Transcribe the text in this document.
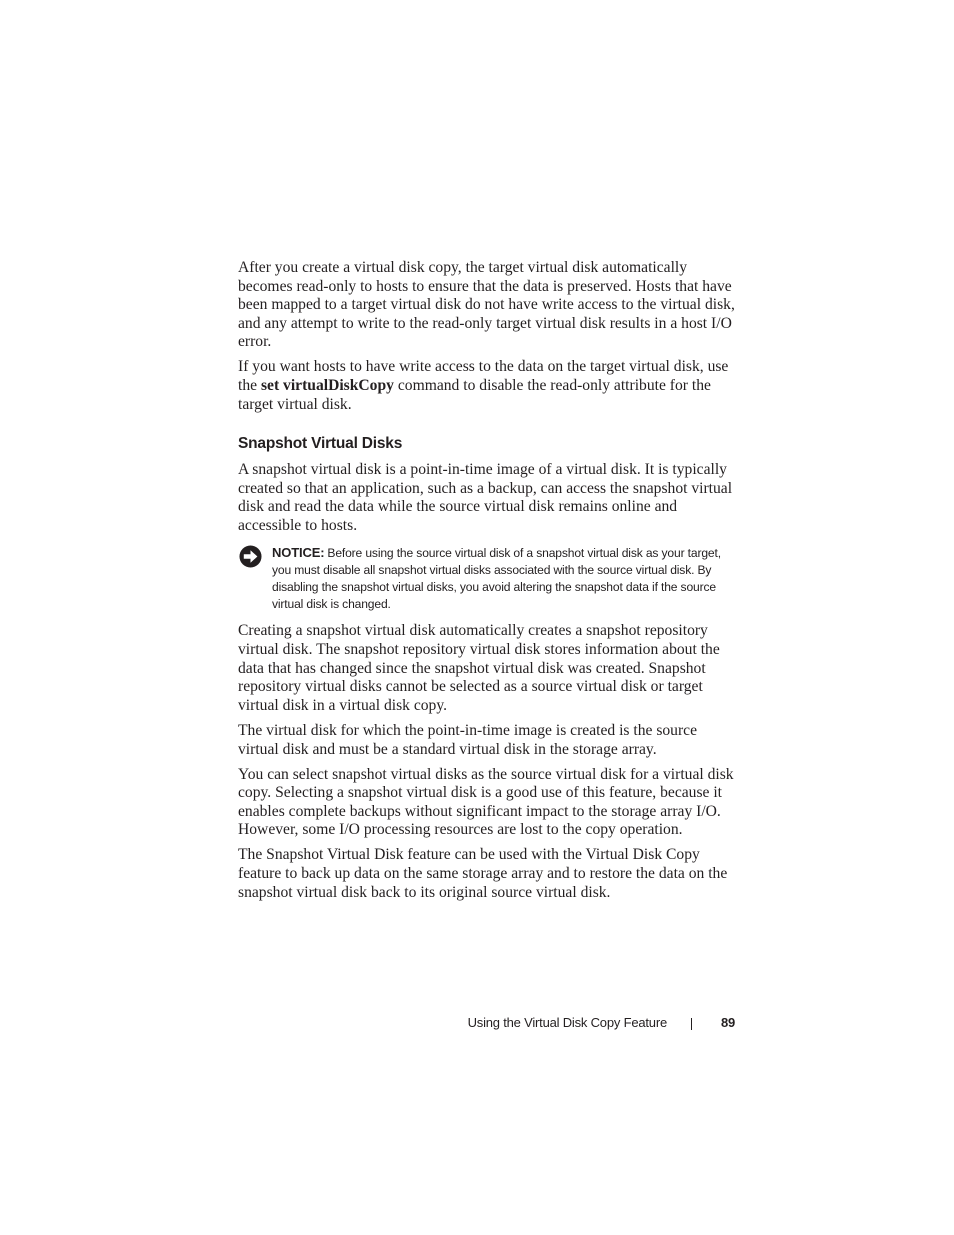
After you create a virtual disk copy, the target virtual disk automatically becomes read-only to hosts to ensure that the data is preserved. Hosts that have been mapped to a target virtual disk do not have write access to the virtual disk, and any attempt to write to the read-only target virtual disk results in a host I/O error.

If you want hosts to have write access to the data on the target virtual disk, use the set virtualDiskCopy command to disable the read-only attribute for the target virtual disk.

Snapshot Virtual Disks

A snapshot virtual disk is a point-in-time image of a virtual disk. It is typically created so that an application, such as a backup, can access the snapshot virtual disk and read the data while the source virtual disk remains online and accessible to hosts.

NOTICE: Before using the source virtual disk of a snapshot virtual disk as your target, you must disable all snapshot virtual disks associated with the source virtual disk. By disabling the snapshot virtual disks, you avoid altering the snapshot data if the source virtual disk is changed.

Creating a snapshot virtual disk automatically creates a snapshot repository virtual disk. The snapshot repository virtual disk stores information about the data that has changed since the snapshot virtual disk was created. Snapshot repository virtual disks cannot be selected as a source virtual disk or target virtual disk in a virtual disk copy.

The virtual disk for which the point-in-time image is created is the source virtual disk and must be a standard virtual disk in the storage array.

You can select snapshot virtual disks as the source virtual disk for a virtual disk copy. Selecting a snapshot virtual disk is a good use of this feature, because it enables complete backups without significant impact to the storage array I/O. However, some I/O processing resources are lost to the copy operation.

The Snapshot Virtual Disk feature can be used with the Virtual Disk Copy feature to back up data on the same storage array and to restore the data on the snapshot virtual disk back to its original source virtual disk.

Using the Virtual Disk Copy Feature	89
